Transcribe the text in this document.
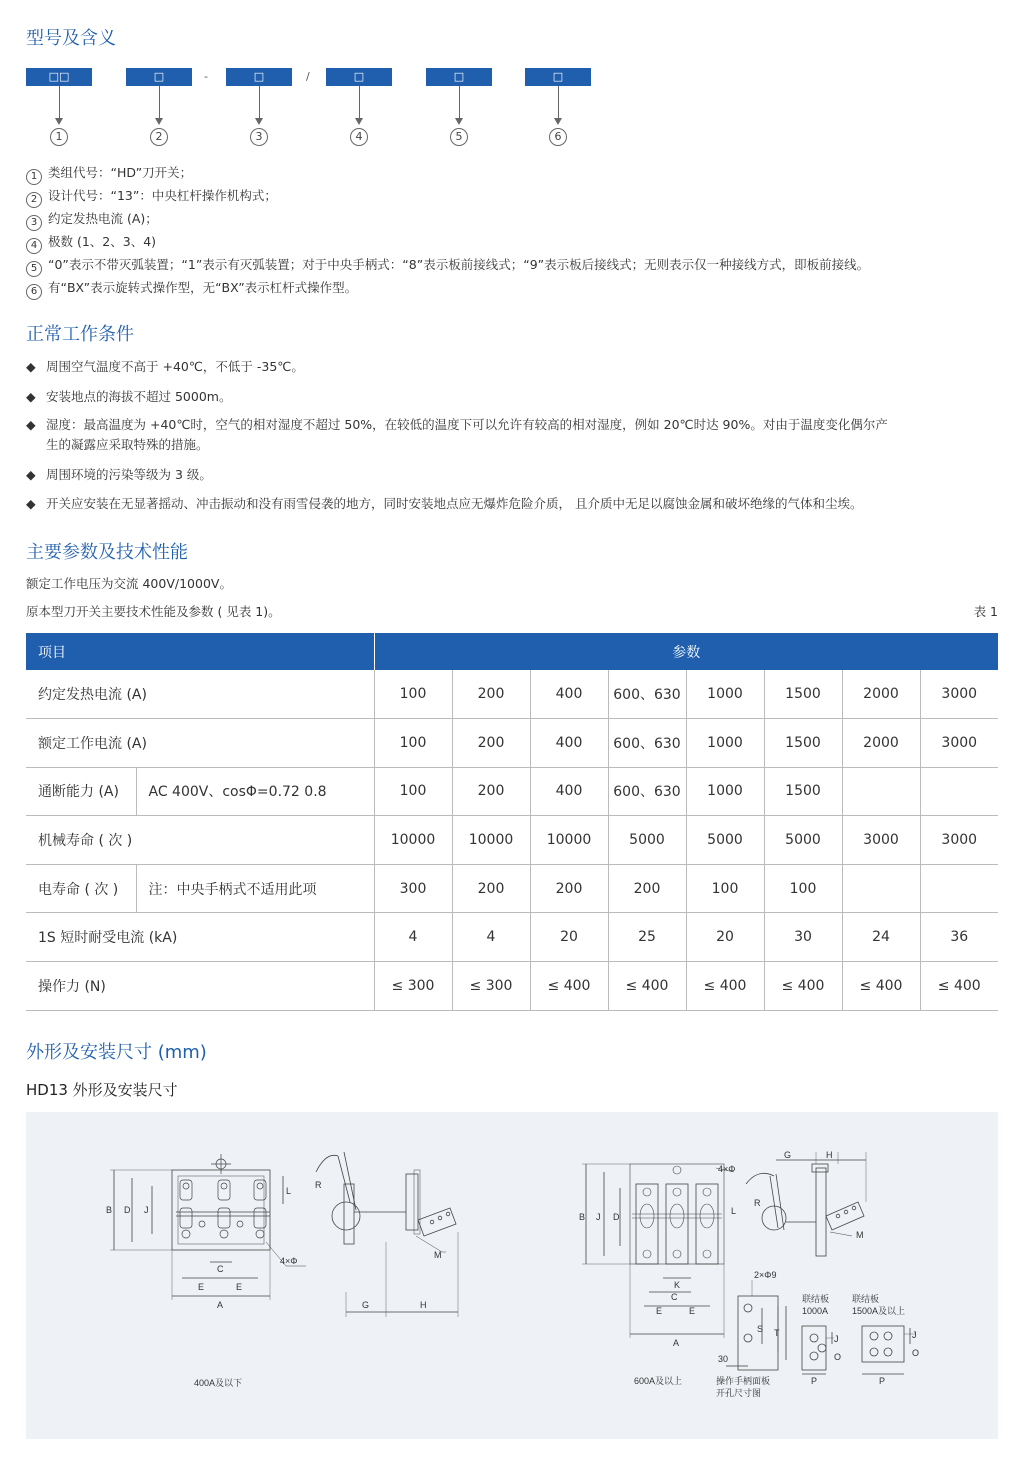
型号及含义
□□	□	-	□	/	□	□	□
1	2	3	4	5	6
1 类组代号：“HD”刀开关；
2 设计代号：“13”：中央杠杆操作机构式；
3 约定发热电流 (A)；
4 极数 (1、2、3、4)
5 “0”表示不带灭弧装置；“1”表示有灭弧装置；对于中央手柄式：“8”表示板前接线式；“9”表示板后接线式；无则表示仅一种接线方式，即板前接线。
6 有“BX”表示旋转式操作型，无“BX”表示杠杆式操作型。
正常工作条件
◆ 周围空气温度不高于 +40℃，不低于 -35℃。
◆ 安装地点的海拔不超过 5000m。
◆ 湿度：最高温度为 +40℃时，空气的相对湿度不超过 50%，在较低的温度下可以允许有较高的相对湿度，例如 20℃时达 90%。对由于温度变化偶尔产
生的凝露应采取特殊的措施。
◆ 周围环境的污染等级为 3 级。
◆ 开关应安装在无显著摇动、冲击振动和没有雨雪侵袭的地方，同时安装地点应无爆炸危险介质， 且介质中无足以腐蚀金属和破坏绝缘的气体和尘埃。
主要参数及技术性能
额定工作电压为交流 400V/1000V。
原本型刀开关主要技术性能及参数 ( 见表 1)。	表 1
项目		参数							
约定发热电流 (A)		100	200	400	600、630	1000	1500	2000	3000
额定工作电流 (A)		100	200	400	600、630	1000	1500	2000	3000
通断能力 (A)	AC 400V、cosΦ=0.72 0.8	100	200	400	600、630	1000	1500		
机械寿命 ( 次 )		10000	10000	10000	5000	5000	5000	3000	3000
电寿命 ( 次 )	注：中央手柄式不适用此项	300	200	200	200	100	100		
1S 短时耐受电流 (kA)		4	4	20	25	20	30	24	36
操作力 (N)		≤ 300	≤ 300	≤ 400	≤ 400	≤ 400	≤ 400	≤ 400	≤ 400
外形及安装尺寸 (mm)
HD13 外形及安装尺寸
B D J
L
R
C
E	E
A
4×Φ
G	H
M
400A及以下
B J D
K
C
E	E
A
4×Φ
L
R
G	H
M
2×Φ9
S T
30
600A及以上	操作手柄面板
开孔尺寸图
联结板
1000A
联结板
1500A及以上
J
O
P
J
O
P
